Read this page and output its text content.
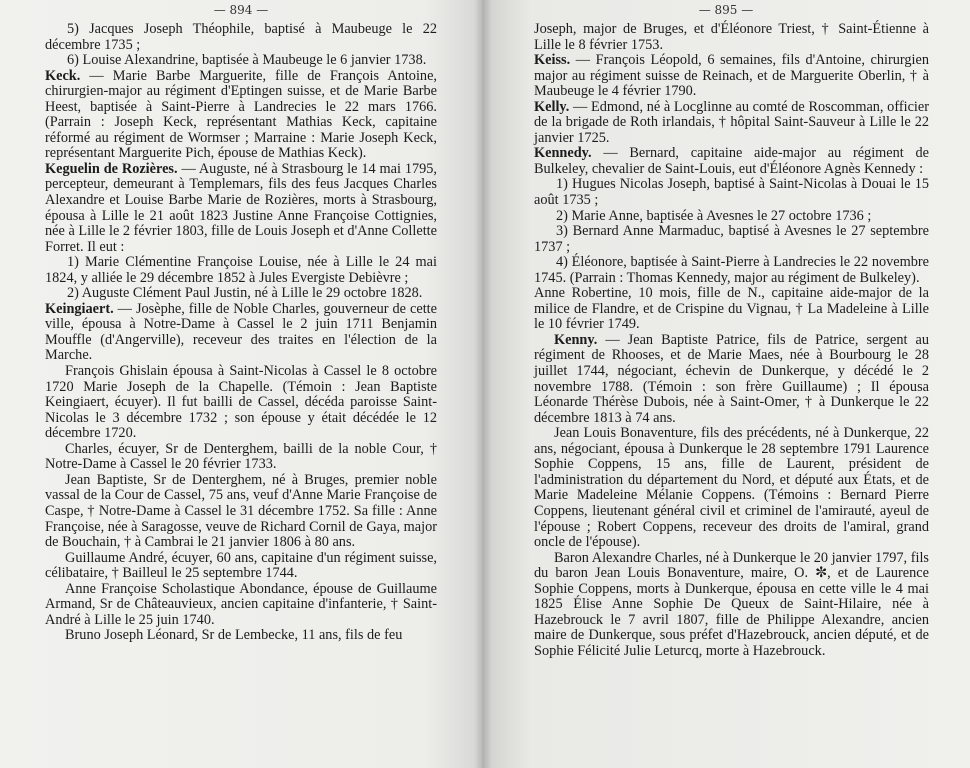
— 894 —

5) Jacques Joseph Théophile, baptisé à Maubeuge le 22 décembre 1735 ;

6) Louise Alexandrine, baptisée à Maubeuge le 6 janvier 1738.

Keck. — Marie Barbe Marguerite, fille de François Antoine, chirurgien-major au régiment d'Eptingen suisse, et de Marie Barbe Heest, baptisée à Saint-Pierre à Landrecies le 22 mars 1766. (Parrain : Joseph Keck, représentant Mathias Keck, capitaine réformé au régiment de Wormser ; Marraine : Marie Joseph Keck, représentant Marguerite Pich, épouse de Mathias Keck).

Keguelin de Rozières. — Auguste, né à Strasbourg le 14 mai 1795, percepteur, demeurant à Templemars, fils des feus Jacques Charles Alexandre et Louise Barbe Marie de Rozières, morts à Strasbourg, épousa à Lille le 21 août 1823 Justine Anne Françoise Cottignies, née à Lille le 2 février 1803, fille de Louis Joseph et d'Anne Collette Forret. Il eut :

1) Marie Clémentine Françoise Louise, née à Lille le 24 mai 1824, y alliée le 29 décembre 1852 à Jules Evergiste Debièvre ;

2) Auguste Clément Paul Justin, né à Lille le 29 octobre 1828.

Keingiaert. — Josèphe, fille de Noble Charles, gouverneur de cette ville, épousa à Notre-Dame à Cassel le 2 juin 1711 Benjamin Mouffle (d'Angerville), receveur des traites en l'élection de la Marche.

François Ghislain épousa à Saint-Nicolas à Cassel le 8 octobre 1720 Marie Joseph de la Chapelle. (Témoin : Jean Baptiste Keingiaert, écuyer). Il fut bailli de Cassel, décéda paroisse Saint-Nicolas le 3 décembre 1732 ; son épouse y était décédée le 12 décembre 1720.

Charles, écuyer, Sr de Denterghem, bailli de la noble Cour, † Notre-Dame à Cassel le 20 février 1733.

Jean Baptiste, Sr de Denterghem, né à Bruges, premier noble vassal de la Cour de Cassel, 75 ans, veuf d'Anne Marie Françoise de Caspe, † Notre-Dame à Cassel le 31 décembre 1752. Sa fille : Anne Françoise, née à Saragosse, veuve de Richard Cornil de Gaya, major de Bouchain, † à Cambrai le 21 janvier 1806 à 80 ans.

Guillaume André, écuyer, 60 ans, capitaine d'un régiment suisse, célibataire, † Bailleul le 25 septembre 1744.

Anne Françoise Scholastique Abondance, épouse de Guillaume Armand, Sr de Châteauvieux, ancien capitaine d'infanterie, † Saint-André à Lille le 25 juin 1740.

Bruno Joseph Léonard, Sr de Lembecke, 11 ans, fils de feu

— 895 —

Joseph, major de Bruges, et d'Éléonore Triest, † Saint-Étienne à Lille le 8 février 1753.

Keiss. — François Léopold, 6 semaines, fils d'Antoine, chirurgien major au régiment suisse de Reinach, et de Marguerite Oberlin, † à Maubeuge le 4 février 1790.

Kelly. — Edmond, né à Locglinne au comté de Roscomman, officier de la brigade de Roth irlandais, † hôpital Saint-Sauveur à Lille le 22 janvier 1725.

Kennedy. — Bernard, capitaine aide-major au régiment de Bulkeley, chevalier de Saint-Louis, eut d'Éléonore Agnès Kennedy :

1) Hugues Nicolas Joseph, baptisé à Saint-Nicolas à Douai le 15 août 1735 ;

2) Marie Anne, baptisée à Avesnes le 27 octobre 1736 ;

3) Bernard Anne Marmaduc, baptisé à Avesnes le 27 septembre 1737 ;

4) Éléonore, baptisée à Saint-Pierre à Landrecies le 22 novembre 1745. (Parrain : Thomas Kennedy, major au régiment de Bulkeley).

Anne Robertine, 10 mois, fille de N., capitaine aide-major de la milice de Flandre, et de Crispine du Vignau, † La Madeleine à Lille le 10 février 1749.

Kenny. — Jean Baptiste Patrice, fils de Patrice, sergent au régiment de Rhooses, et de Marie Maes, née à Bourbourg le 28 juillet 1744, négociant, échevin de Dunkerque, y décédé le 2 novembre 1788. (Témoin : son frère Guillaume) ; Il épousa Léonarde Thérèse Dubois, née à Saint-Omer, † à Dunkerque le 22 décembre 1813 à 74 ans.

Jean Louis Bonaventure, fils des précédents, né à Dunkerque, 22 ans, négociant, épousa à Dunkerque le 28 septembre 1791 Laurence Sophie Coppens, 15 ans, fille de Laurent, président de l'administration du département du Nord, et député aux États, et de Marie Madeleine Mélanie Coppens. (Témoins : Bernard Pierre Coppens, lieutenant général civil et criminel de l'amirauté, ayeul de l'épouse ; Robert Coppens, receveur des droits de l'amiral, grand oncle de l'épouse).

Baron Alexandre Charles, né à Dunkerque le 20 janvier 1797, fils du baron Jean Louis Bonaventure, maire, O. ✼, et de Laurence Sophie Coppens, morts à Dunkerque, épousa en cette ville le 4 mai 1825 Élise Anne Sophie De Queux de Saint-Hilaire, née à Hazebrouck le 7 avril 1807, fille de Philippe Alexandre, ancien maire de Dunkerque, sous préfet d'Hazebrouck, ancien député, et de Sophie Félicité Julie Leturcq, morte à Hazebrouck.
